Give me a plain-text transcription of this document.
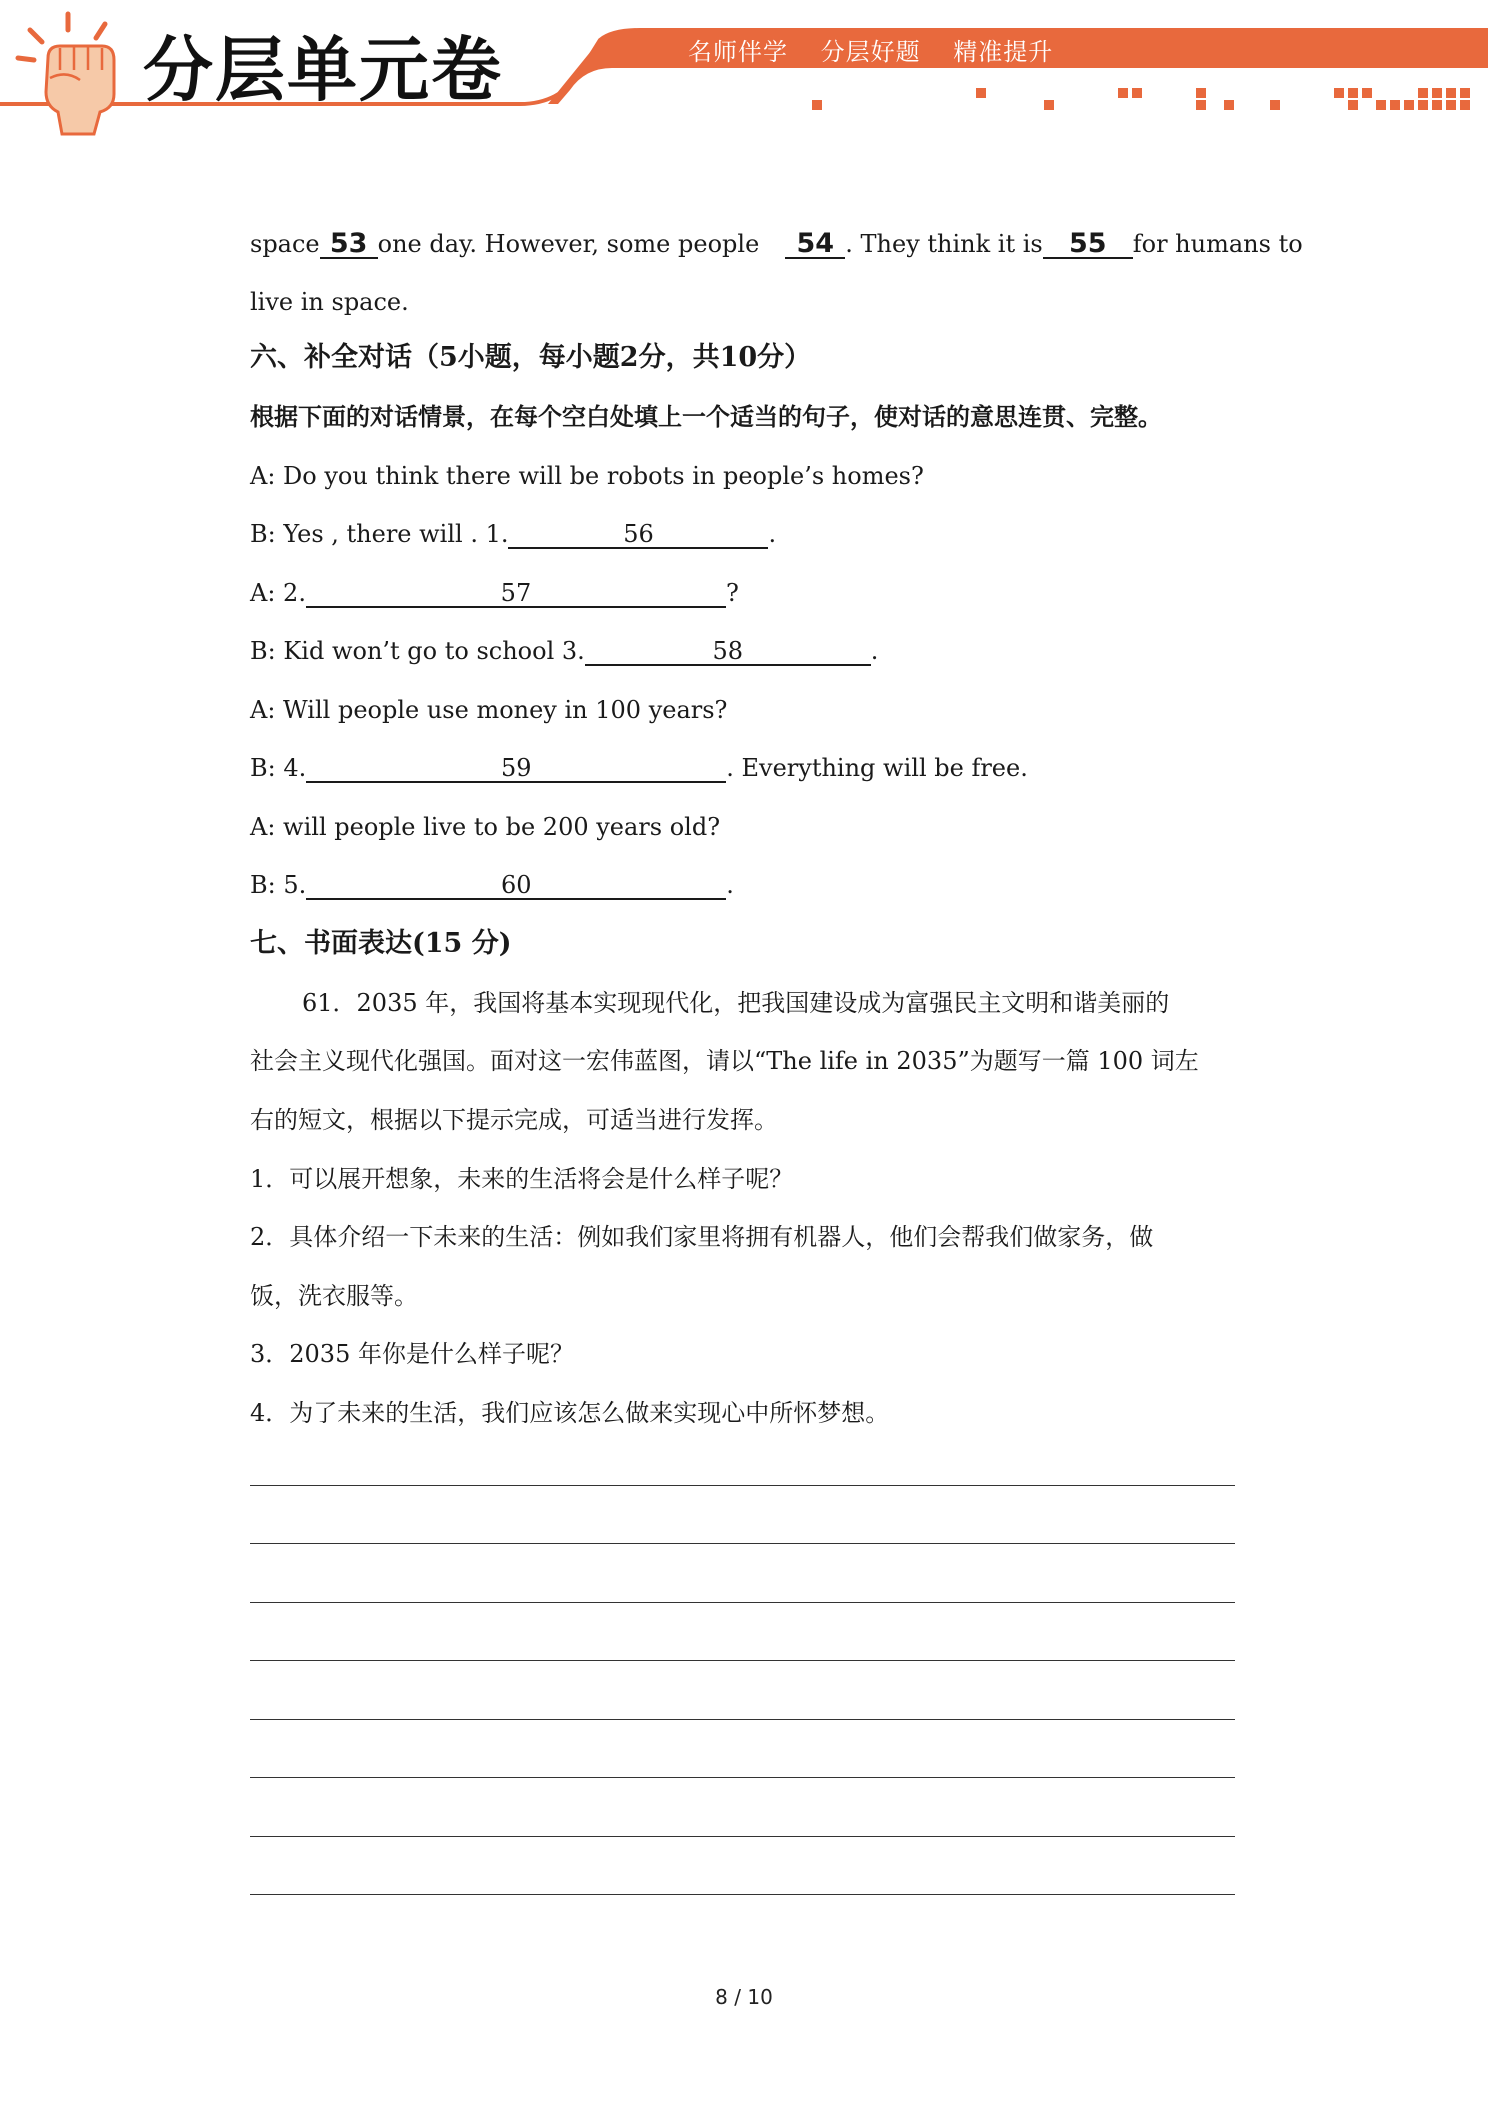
分层单元卷	名师伴学 分层好题 精准提升
space 53 one day. However, some people 54 . They think it is 55 for humans to
live in space.
六、补全对话（5小题，每小题2分，共10分）
根据下面的对话情景，在每个空白处填上一个适当的句子，使对话的意思连贯、完整。
A: Do you think there will be robots in people’s homes?
B: Yes , there will . 1.	56	.
A: 2.	57	?
B: Kid won’t go to school 3.	58	.
A: Will people use money in 100 years?
B: 4.	59	. Everything will be free.
A: will people live to be 200 years old?
B: 5.	60	.
七、书面表达(15 分)
61．2035 年，我国将基本实现现代化，把我国建设成为富强民主文明和谐美丽的
社会主义现代化强国。面对这一宏伟蓝图，请以“The life in 2035”为题写一篇 100 词左
右的短文，根据以下提示完成，可适当进行发挥。
1．可以展开想象，未来的生活将会是什么样子呢？
2．具体介绍一下未来的生活：例如我们家里将拥有机器人，他们会帮我们做家务，做
饭，洗衣服等。
3．2035 年你是什么样子呢？
4．为了未来的生活，我们应该怎么做来实现心中所怀梦想。
8 / 10
